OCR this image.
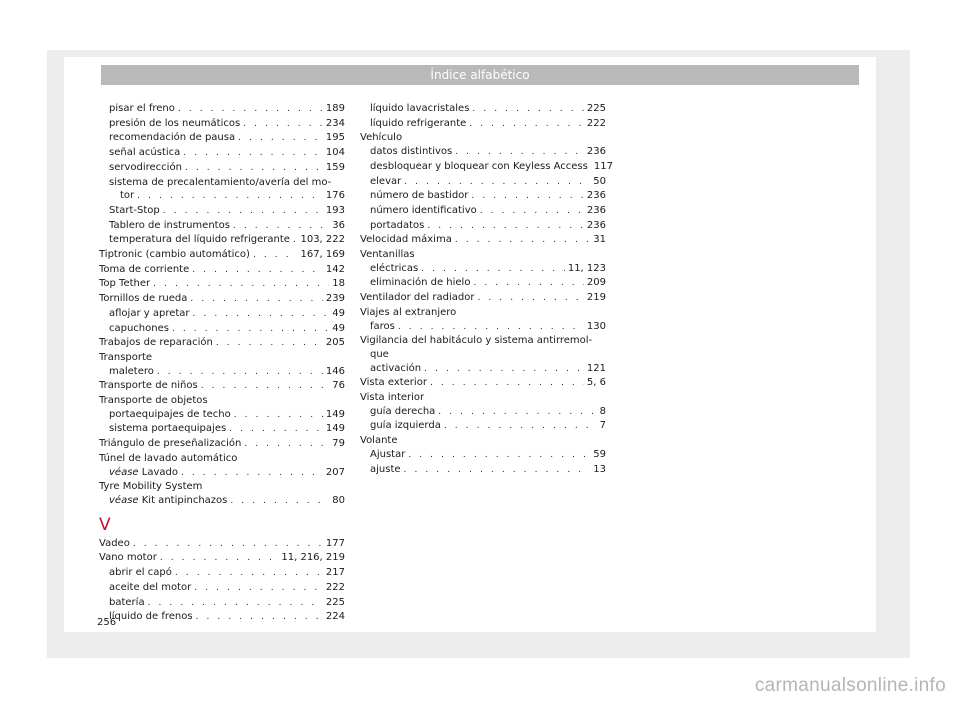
Índice alfabético
pisar el freno . . .	189
presión de los neumáticos . . .	234
recomendación de pausa . . .	195
señal acústica . . .	104
servodirección . . .	159
sistema de precalentamiento/avería del mo-
tor . . .	176
Start-Stop . . .	193
Tablero de instrumentos . . .	36
temperatura del líquido refrigerante . . . 103, 222
Tiptronic (cambio automático) . . .	167, 169
Toma de corriente . . .	142
Top Tether . . .	18
Tornillos de rueda . . .	239
aflojar y apretar . . .	49
capuchones . . .	49
Trabajos de reparación . . .	205
Transporte
maletero . . .	146
Transporte de niños . . .	76
Transporte de objetos
portaequipajes de techo . . .	149
sistema portaequipajes . . .	149
Triángulo de preseñalización . . .	79
Túnel de lavado automático
véase Lavado . . .	207
Tyre Mobility System
véase Kit antipinchazos . . .	80
V
Vadeo . . .	177
Vano motor . . .	11, 216, 219
abrir el capó . . .	217
aceite del motor . . .	222
batería . . .	225
líquido de frenos . . .	224
líquido lavacristales . . .	225
líquido refrigerante . . .	222
Vehículo
datos distintivos . . .	236
desbloquear y bloquear con Keyless Access 117
elevar . . .	50
número de bastidor . . .	236
número identificativo . . .	236
portadatos . . .	236
Velocidad máxima . . .	31
Ventanillas
eléctricas . . .	11, 123
eliminación de hielo . . .	209
Ventilador del radiador . . .	219
Viajes al extranjero
faros . . .	130
Vigilancia del habitáculo y sistema antirremol-
que
activación . . .	121
Vista exterior . . .	5, 6
Vista interior
guía derecha . . .	8
guía izquierda . . .	7
Volante
Ajustar . . .	59
ajuste . . .	13
256
carmanualsonline.info
